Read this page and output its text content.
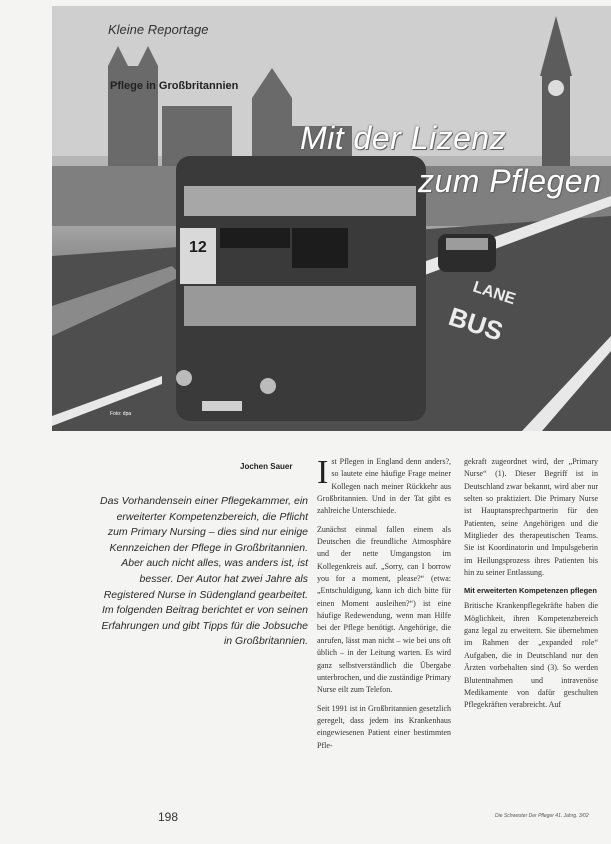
BUS
LANE
12
Kleine Reportage
Pflege in Großbritannien
Mit der Lizenz
zum Pflegen
Foto: dpa
Jochen Sauer
Das Vorhandensein einer Pflegekammer, ein erweiterter Kompetenzbereich, die Pflicht zum Primary Nursing – dies sind nur einige Kennzeichen der Pflege in Großbritannien. Aber auch nicht alles, was anders ist, ist besser. Der Autor hat zwei Jahre als Registered Nurse in Südengland gearbeitet. Im folgenden Beitrag berichtet er von seinen Erfahrungen und gibt Tipps für die Jobsuche in Großbritannien.

Ist Pflegen in England denn anders?, so lautete eine häufige Frage meiner Kollegen nach meiner Rückkehr aus Großbritannien. Und in der Tat gibt es zahlreiche Unterschiede.

Zunächst einmal fallen einem als Deutschen die freundliche Atmosphäre und der nette Umgangston im Kollegenkreis auf. „Sorry, can I borrow you for a moment, please?“ (etwa: „Entschuldigung, kann ich dich bitte für einen Moment ausleihen?“) ist eine häufige Redewendung, wenn man Hilfe bei der Pflege benötigt. Angehörige, die anrufen, lässt man nicht – wie bei uns oft üblich – in der Leitung warten. Es wird ganz selbstverständlich die Übergabe unterbrochen, und die zuständige Primary Nurse eilt zum Telefon.

Seit 1991 ist in Großbritannien gesetzlich geregelt, dass jedem ins Krankenhaus eingewiesenen Patient einer bestimmten Pfle-

gekraft zugeordnet wird, der „Primary Nurse“ (1). Dieser Begriff ist in Deutschland zwar bekannt, wird aber nur selten so praktiziert. Die Primary Nurse ist Hauptansprechpartnerin für den Patienten, seine Angehörigen und die Mitglieder des therapeutischen Teams. Sie ist Koordinatorin und Impulsgeberin im Heilungsprozess ihres Patienten bis hin zu seiner Entlassung.

Mit erweiterten Kompetenzen pflegen

Britische Krankenpflegekräfte haben die Möglichkeit, ihren Kompetenzbereich ganz legal zu erweitern. Sie übernehmen im Rahmen der „expanded role“ Aufgaben, die in Deutschland nur den Ärzten vorbehalten sind (3). So werden Blutentnahmen und intravenöse Medikamente von dafür geschulten Pflegekräften verabreicht. Auf

198	Die Schwester Der Pfleger 41. Jahrg. 3/02
